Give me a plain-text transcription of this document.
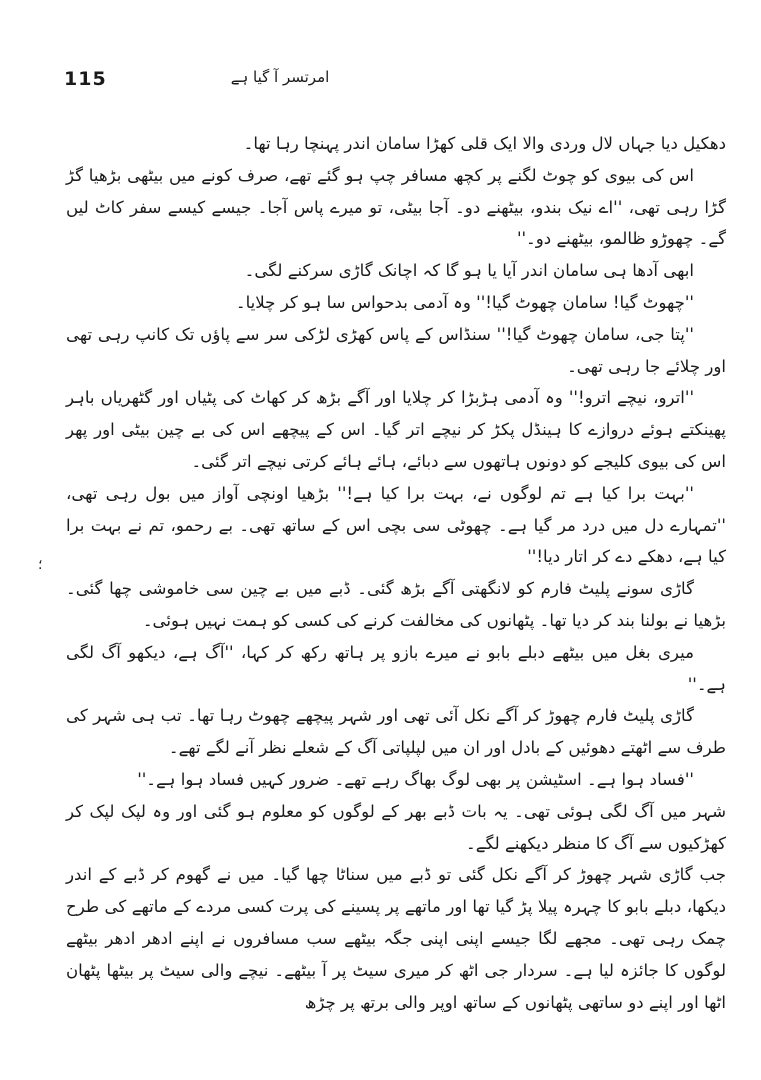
115	امرتسر آ گیا ہے
؛

دھکیل دیا جہاں لال وردی والا ایک قلی کھڑا سامان اندر پہنچا رہا تھا۔

اس کی بیوی کو چوٹ لگنے پر کچھ مسافر چپ ہو گئے تھے، صرف کونے میں بیٹھی بڑھیا گڑ گڑا رہی تھی، ''اے نیک بندو، بیٹھنے دو۔ آجا بیٹی، تو میرے پاس آجا۔ جیسے کیسے سفر کاٹ لیں گے۔ چھوڑو ظالمو، بیٹھنے دو۔''

ابھی آدھا ہی سامان اندر آیا یا ہو گا کہ اچانک گاڑی سرکنے لگی۔

''چھوٹ گیا! سامان چھوٹ گیا!'' وہ آدمی بدحواس سا ہو کر چلایا۔

''پتا جی، سامان چھوٹ گیا!'' سنڈاس کے پاس کھڑی لڑکی سر سے پاؤں تک کانپ رہی تھی اور چلائے جا رہی تھی۔

''اترو، نیچے اترو!'' وہ آدمی ہڑبڑا کر چلایا اور آگے بڑھ کر کھاٹ کی پٹیاں اور گٹھریاں باہر پھینکتے ہوئے دروازے کا ہینڈل پکڑ کر نیچے اتر گیا۔ اس کے پیچھے اس کی بے چین بیٹی اور پھر اس کی بیوی کلیجے کو دونوں ہاتھوں سے دبائے، ہائے ہائے کرتی نیچے اتر گئی۔

''بہت برا کیا ہے تم لوگوں نے، بہت برا کیا ہے!'' بڑھیا اونچی آواز میں بول رہی تھی، ''تمہارے دل میں درد مر گیا ہے۔ چھوٹی سی بچی اس کے ساتھ تھی۔ بے رحمو، تم نے بہت برا کیا ہے، دھکے دے کر اتار دیا!''

گاڑی سونے پلیٹ فارم کو لانگھتی آگے بڑھ گئی۔ ڈبے میں بے چین سی خاموشی چھا گئی۔ بڑھیا نے بولنا بند کر دیا تھا۔ پٹھانوں کی مخالفت کرنے کی کسی کو ہمت نہیں ہوئی۔

میری بغل میں بیٹھے دبلے بابو نے میرے بازو پر ہاتھ رکھ کر کہا، ''آگ ہے، دیکھو آگ لگی ہے۔''

گاڑی پلیٹ فارم چھوڑ کر آگے نکل آئی تھی اور شہر پیچھے چھوٹ رہا تھا۔ تب ہی شہر کی طرف سے اٹھتے دھوئیں کے بادل اور ان میں لپلپاتی آگ کے شعلے نظر آنے لگے تھے۔

''فساد ہوا ہے۔ اسٹیشن پر بھی لوگ بھاگ رہے تھے۔ ضرور کہیں فساد ہوا ہے۔''

شہر میں آگ لگی ہوئی تھی۔ یہ بات ڈبے بھر کے لوگوں کو معلوم ہو گئی اور وہ لپک لپک کر کھڑکیوں سے آگ کا منظر دیکھنے لگے۔

جب گاڑی شہر چھوڑ کر آگے نکل گئی تو ڈبے میں سناٹا چھا گیا۔ میں نے گھوم کر ڈبے کے اندر دیکھا، دبلے بابو کا چہرہ پیلا پڑ گیا تھا اور ماتھے پر پسینے کی پرت کسی مردے کے ماتھے کی طرح چمک رہی تھی۔ مجھے لگا جیسے اپنی اپنی جگہ بیٹھے سب مسافروں نے اپنے ادھر ادھر بیٹھے لوگوں کا جائزہ لیا ہے۔ سردار جی اٹھ کر میری سیٹ پر آ بیٹھے۔ نیچے والی سیٹ پر بیٹھا پٹھان اٹھا اور اپنے دو ساتھی پٹھانوں کے ساتھ اوپر والی برتھ پر چڑھ
